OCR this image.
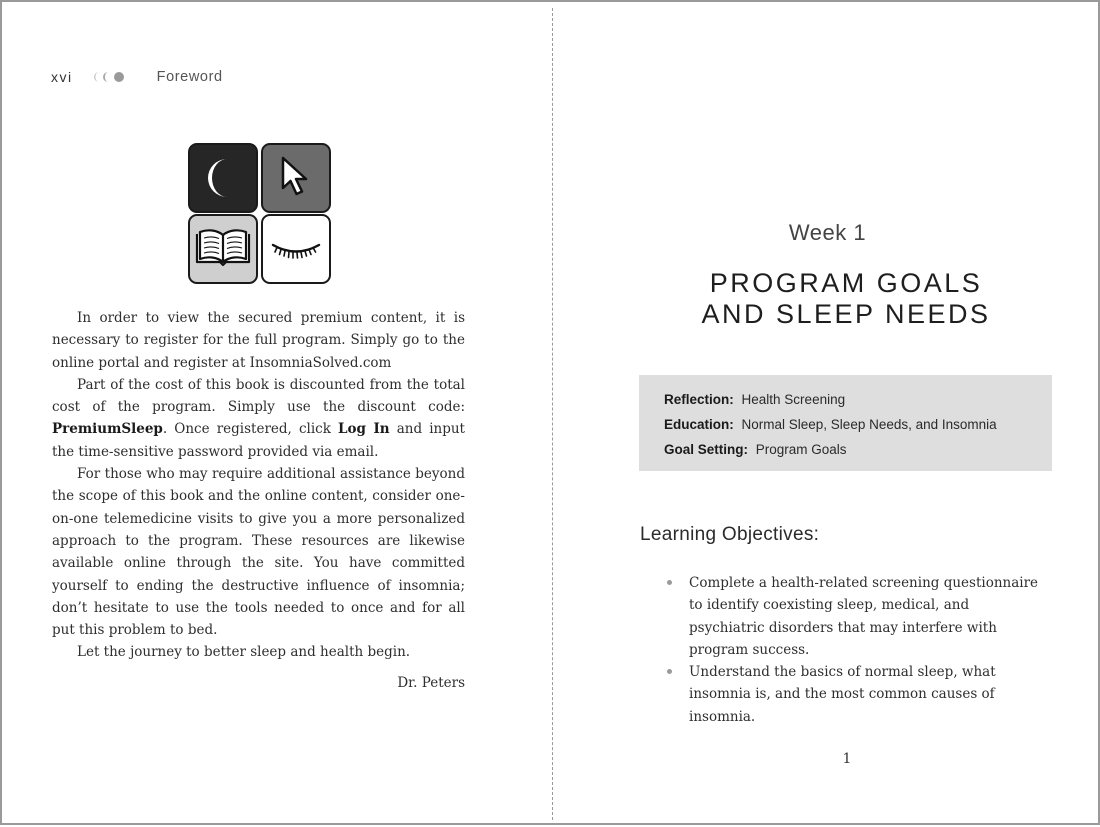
xvi	Foreword

In order to view the secured premium content, it is necessary to register for the full program. Simply go to the online portal and register at InsomniaSolved.com

Part of the cost of this book is discounted from the total cost of the program. Simply use the discount code: PremiumSleep. Once registered, click Log In and input the time-sensitive password provided via email.

For those who may require additional assistance beyond the scope of this book and the online content, consider one-on-one telemedicine visits to give you a more personalized approach to the program. These resources are likewise available online through the site. You have committed yourself to ending the destructive influence of insomnia; don’t hesitate to use the tools needed to once and for all put this problem to bed.

Let the journey to better sleep and health begin.

Dr. Peters
Week 1
PROGRAM GOALS
AND SLEEP NEEDS
Reflection: Health Screening
Education: Normal Sleep, Sleep Needs, and Insomnia
Goal Setting: Program Goals
Learning Objectives:
Complete a health-related screening questionnaire to identify coexisting sleep, medical, and psychiatric disorders that may interfere with program success.
Understand the basics of normal sleep, what insomnia is, and the most common causes of insomnia.
1
